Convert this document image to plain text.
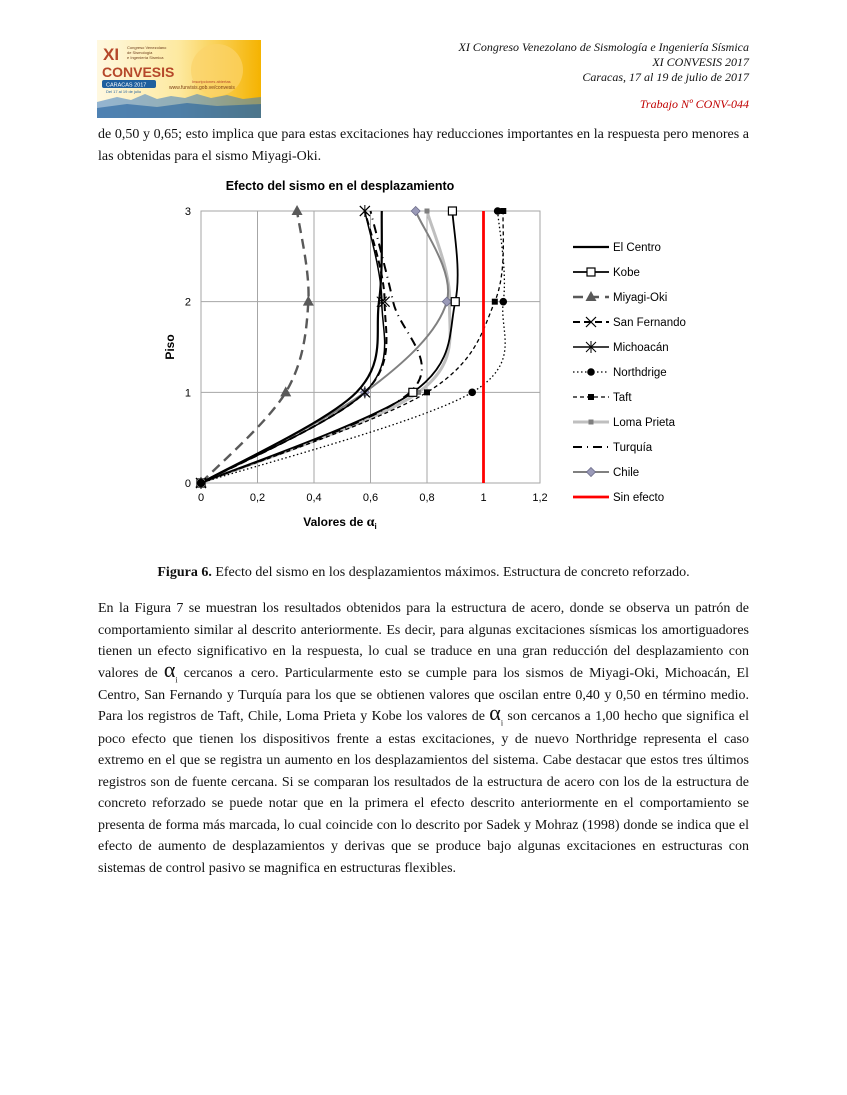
XI Congreso Venezolano
de Sismología
e Ingeniería Sísmica
CONVESIS
CARACAS 2017
Del 17 al 19 de julio
Inscripciones abiertas
www.funvisis.gob.ve/convesis
XI Congreso Venezolano de Sismología e Ingeniería Sísmica
XI CONVESIS 2017
Caracas, 17 al 19 de julio de 2017
Trabajo Nº CONV-044
de 0,50 y 0,65; esto implica que para estas excitaciones hay reducciones importantes en la respuesta pero menores a las obtenidas para el sismo Miyagi-Oki.
Efecto del sismo en el desplazamiento
0	0,2	0,4	0,6	0,8	1	1,2
0
1
2
3
El Centro
Kobe
Miyagi-Oki
San Fernando
Michoacán
Northdrige
Taft
Loma Prieta
Turquía
Chile
Sin efecto
Piso
Valores de $\alpha_i$
Figura 6. Efecto del sismo en los desplazamientos máximos. Estructura de concreto reforzado.
En la Figura 7 se muestran los resultados obtenidos para la estructura de acero, donde se observa un patrón de comportamiento similar al descrito anteriormente. Es decir, para algunas excitaciones sísmicas los amortiguadores tienen un efecto significativo en la respuesta, lo cual se traduce en una gran reducción del desplazamiento con valores de $\alpha_i$ cercanos a cero. Particularmente esto se cumple para los sismos de Miyagi-Oki, Michoacán, El Centro, San Fernando y Turquía para los que se obtienen valores que oscilan entre 0,40 y 0,50 en término medio. Para los registros de Taft, Chile, Loma Prieta y Kobe los valores de $\alpha_i$ son cercanos a 1,00 hecho que significa el poco efecto que tienen los dispositivos frente a estas excitaciones, y de nuevo Northridge representa el caso extremo en el que se registra un aumento en los desplazamientos del sistema. Cabe destacar que estos tres últimos registros son de fuente cercana. Si se comparan los resultados de la estructura de acero con los de la estructura de concreto reforzado se puede notar que en la primera el efecto descrito anteriormente en el comportamiento se presenta de forma más marcada, lo cual coincide con lo descrito por Sadek y Mohraz (1998) donde se indica que el efecto de aumento de desplazamientos y derivas que se produce bajo algunas excitaciones en estructuras con sistemas de control pasivo se magnifica en estructuras flexibles.
